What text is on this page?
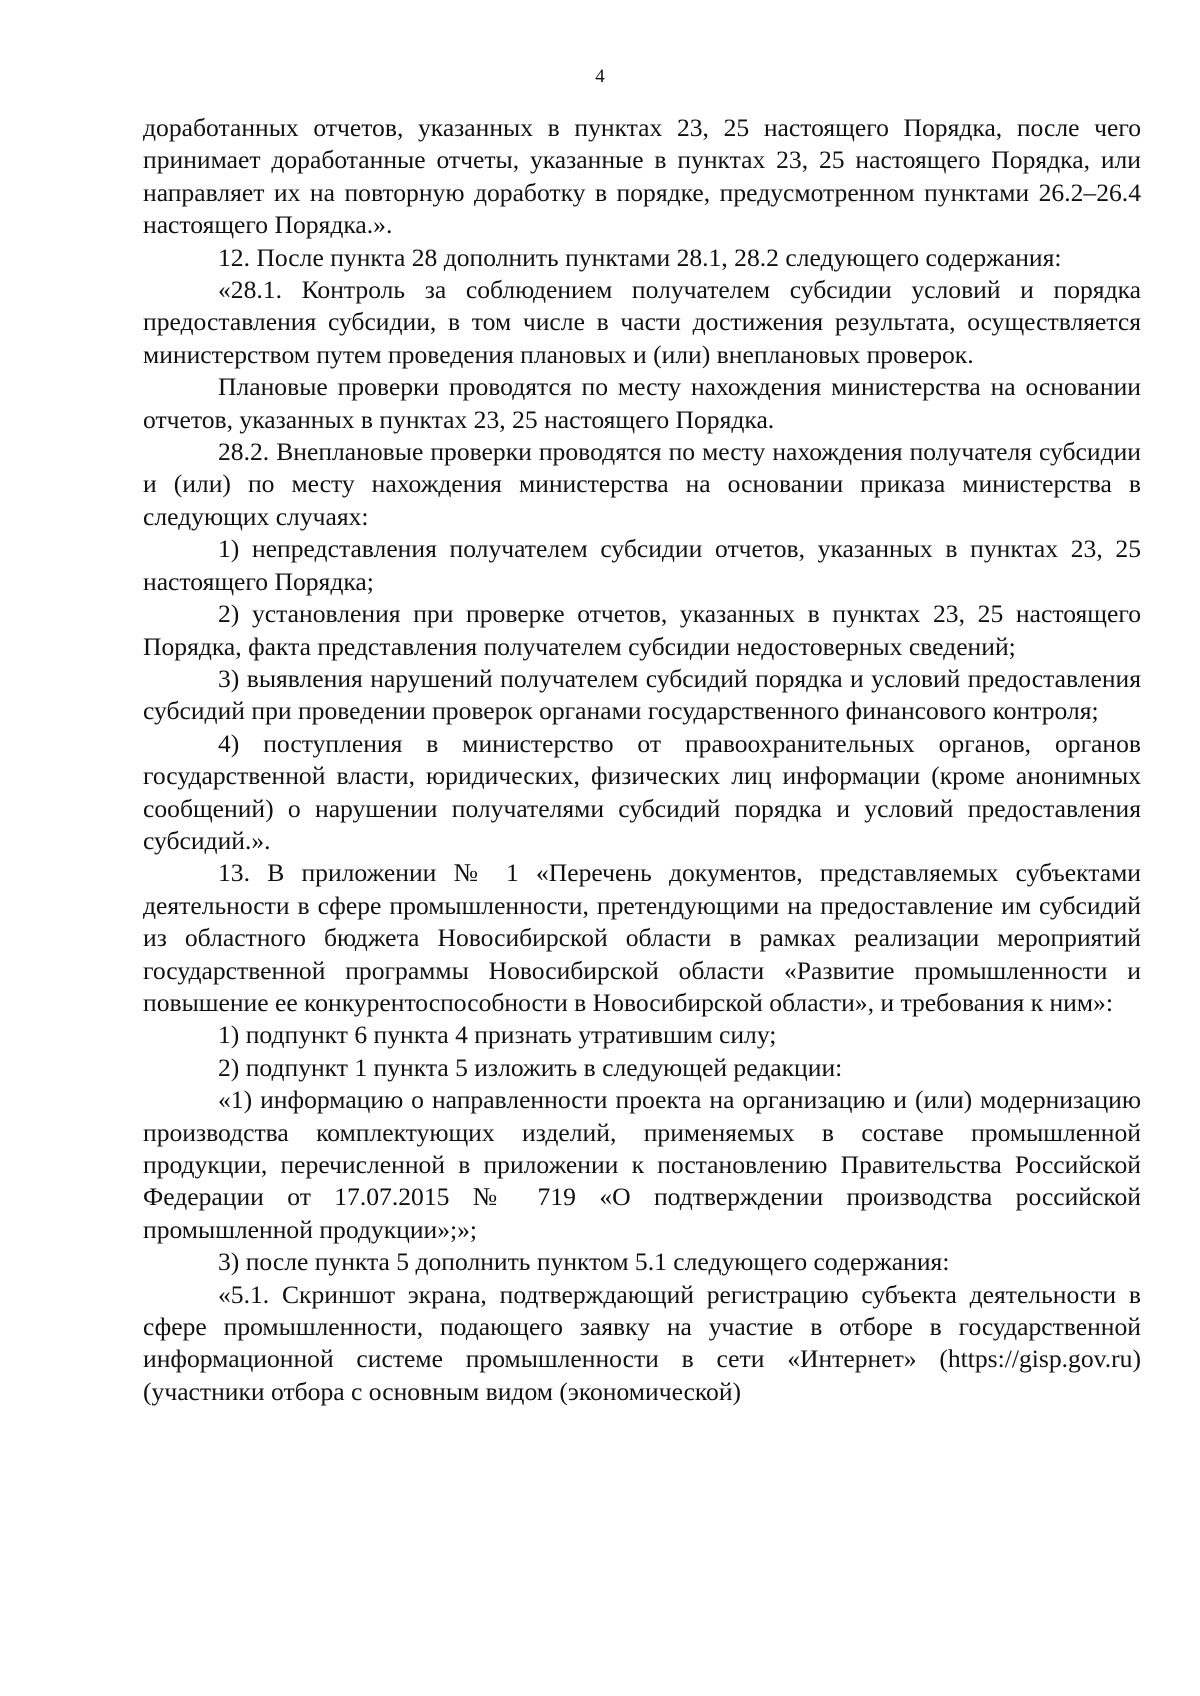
4

доработанных отчетов, указанных в пунктах 23, 25 настоящего Порядка, после чего принимает доработанные отчеты, указанные в пунктах 23, 25 настоящего Порядка, или направляет их на повторную доработку в порядке, предусмотренном пунктами 26.2–26.4 настоящего Порядка.».

12. После пункта 28 дополнить пунктами 28.1, 28.2 следующего содержания:

«28.1. Контроль за соблюдением получателем субсидии условий и порядка предоставления субсидии, в том числе в части достижения результата, осуществляется министерством путем проведения плановых и (или) внеплановых проверок.

Плановые проверки проводятся по месту нахождения министерства на основании отчетов, указанных в пунктах 23, 25 настоящего Порядка.

28.2. Внеплановые проверки проводятся по месту нахождения получателя субсидии и (или) по месту нахождения министерства на основании приказа министерства в следующих случаях:

1) непредставления получателем субсидии отчетов, указанных в пунктах 23, 25 настоящего Порядка;

2) установления при проверке отчетов, указанных в пунктах 23, 25 настоящего Порядка, факта представления получателем субсидии недостоверных сведений;

3) выявления нарушений получателем субсидий порядка и условий предоставления субсидий при проведении проверок органами государственного финансового контроля;

4) поступления в министерство от правоохранительных органов, органов государственной власти, юридических, физических лиц информации (кроме анонимных сообщений) о нарушении получателями субсидий порядка и условий предоставления субсидий.».

13. В приложении № 1 «Перечень документов, представляемых субъектами деятельности в сфере промышленности, претендующими на предоставление им субсидий из областного бюджета Новосибирской области в рамках реализации мероприятий государственной программы Новосибирской области «Развитие промышленности и повышение ее конкурентоспособности в Новосибирской области», и требования к ним»:

1) подпункт 6 пункта 4 признать утратившим силу;

2) подпункт 1 пункта 5 изложить в следующей редакции:

«1) информацию о направленности проекта на организацию и (или) модернизацию производства комплектующих изделий, применяемых в составе промышленной продукции, перечисленной в приложении к постановлению Правительства Российской Федерации от 17.07.2015 № 719 «О подтверждении производства российской промышленной продукции»;»;

3) после пункта 5 дополнить пунктом 5.1 следующего содержания:

«5.1. Скриншот экрана, подтверждающий регистрацию субъекта деятельности в сфере промышленности, подающего заявку на участие в отборе в государственной информационной системе промышленности в сети «Интернет» (https://gisp.gov.ru) (участники отбора с основным видом (экономической)
